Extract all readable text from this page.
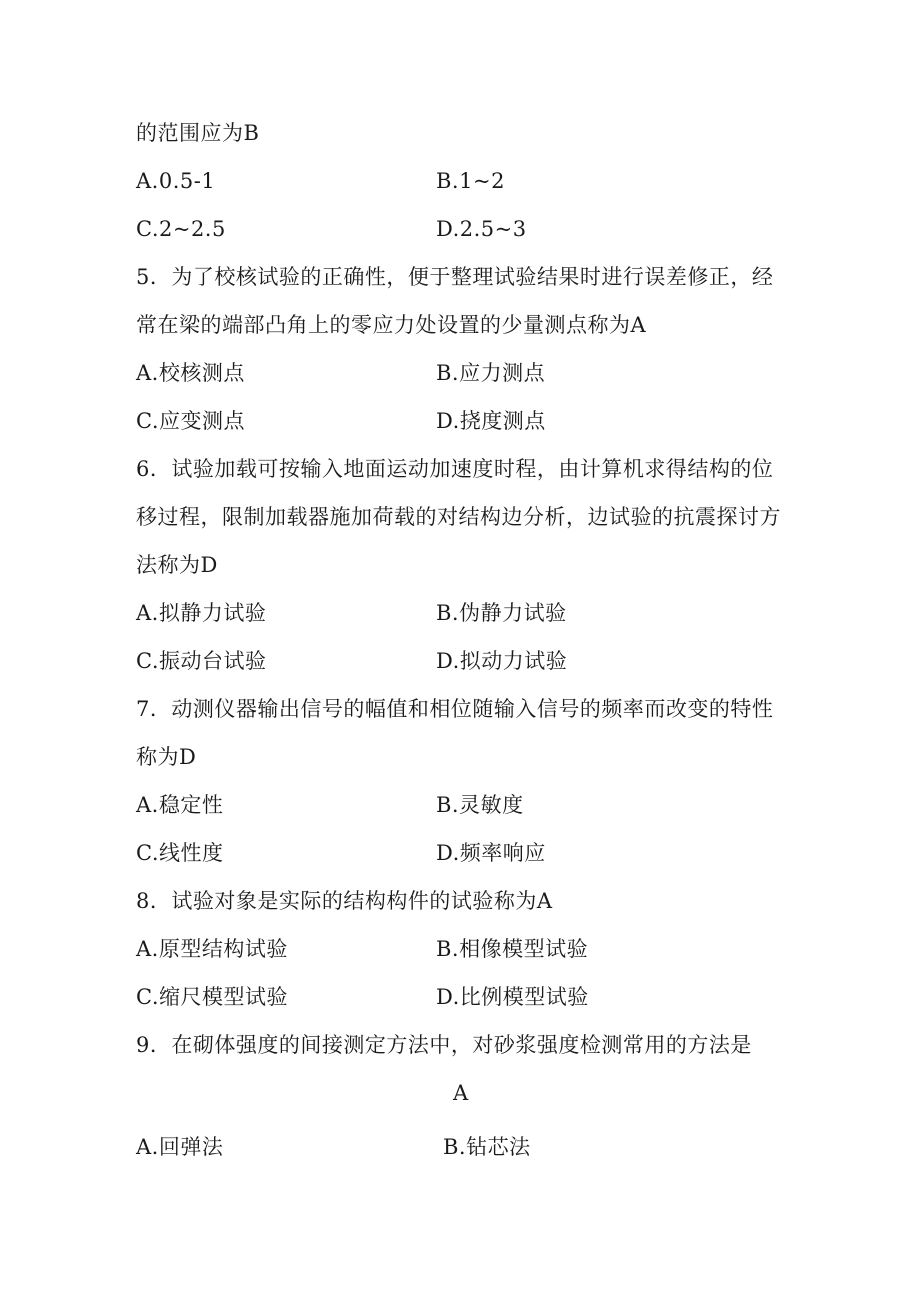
的范围应为B
A.0.5-1	B.1~2
C.2~2.5	D.2.5~3
5．为了校核试验的正确性，便于整理试验结果时进行误差修正，经
常在梁的端部凸角上的零应力处设置的少量测点称为A
A.校核测点	B.应力测点
C.应变测点	D.挠度测点
6．试验加载可按输入地面运动加速度时程，由计算机求得结构的位
移过程，限制加载器施加荷载的对结构边分析，边试验的抗震探讨方
法称为D
A.拟静力试验	B.伪静力试验
C.振动台试验	D.拟动力试验
7．动测仪器输出信号的幅值和相位随输入信号的频率而改变的特性
称为D
A.稳定性	B.灵敏度
C.线性度	D.频率响应
8．试验对象是实际的结构构件的试验称为A
A.原型结构试验	B.相像模型试验
C.缩尺模型试验	D.比例模型试验
9．在砌体强度的间接测定方法中，对砂浆强度检测常用的方法是
A
A.回弹法	B.钻芯法
